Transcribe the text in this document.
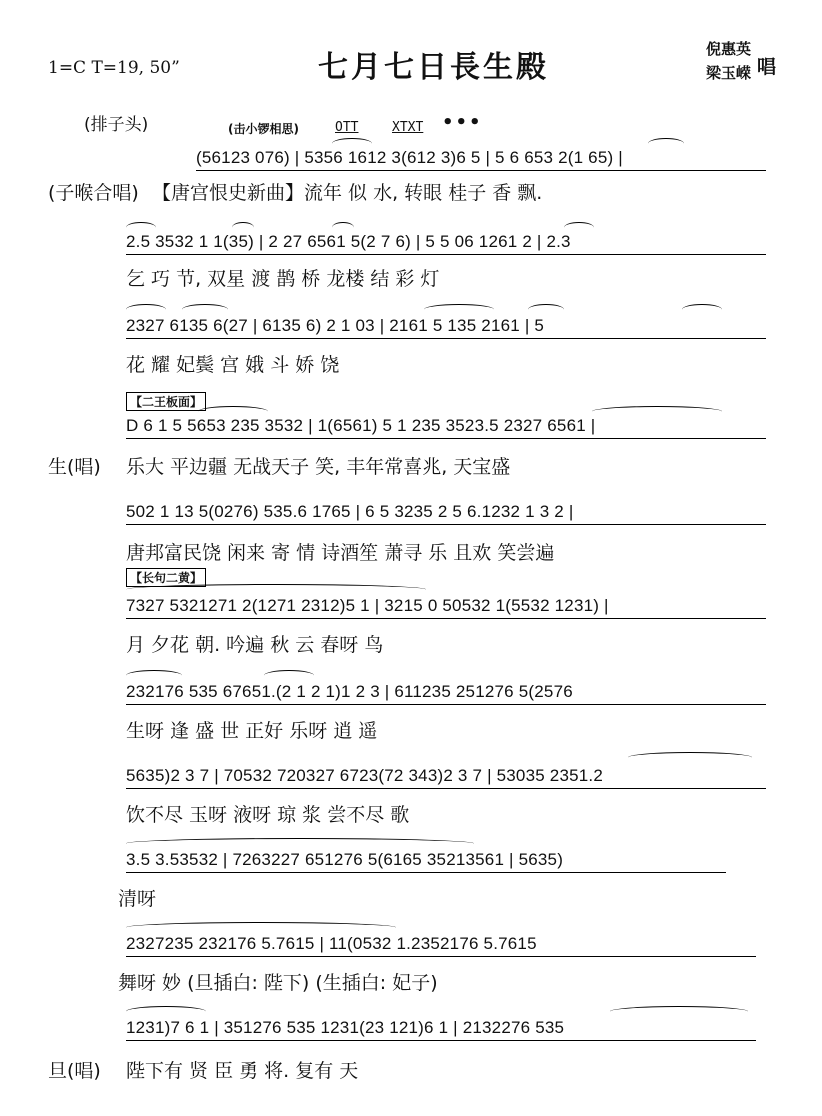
1=C T=19, 50”	七月七日長生殿
倪惠英
梁玉嵘 唱
(排子头)	(击小锣相思)	OTT	XTXT •••
【二王板面】
【长句二黄】
(56123 076) | 5356 1612 3(612 3)6 5 | 5 6 653 2(1 65) |
(子喉合唱) 【唐宫恨史新曲】流年 似 水, 转眼 桂子 香 飘.
2.5 3532 1 1(35) | 2 27 6561 5(2 7 6) | 5 5 06 1261 2 | 2.3
乞 巧 节, 双星 渡 鹊 桥 龙楼 结 彩 灯
2327 6135 6(27 | 6135 6) 2 1 03 | 2161 5 135 2161 | 5
花 耀 妃鬓 宫 娥 斗 娇 饶
D 6 1 5 5653 235 3532 | 1(6561) 5 1 235 3523.5 2327 6561 |
生(唱) 乐大 平边疆 无战天子 笑, 丰年常喜兆, 天宝盛
502 1 13 5(0276) 535.6 1765 | 6 5 3235 2 5 6.1232 1 3 2 |
唐邦富民饶 闲来 寄 情 诗酒笙 萧寻 乐 且欢 笑尝遍
7327 5321271 2(1271 2312)5 1 | 3215 0 50532 1(5532 1231) |
月 夕花 朝. 吟遍 秋 云 春呀 鸟
232176 535 67651.(2 1 2 1)1 2 3 | 611235 251276 5(2576
生呀 逢 盛 世 正好 乐呀 逍 遥
5635)2 3 7 | 70532 720327 6723(72 343)2 3 7 | 53035 2351.2
饮不尽 玉呀 液呀 琼 浆 尝不尽 歌
3.5 3.53532 | 7263227 651276 5(6165 35213561 | 5635)
清呀
2327235 232176 5.7615 | 11(0532 1.2352176 5.7615
舞呀 妙 (旦插白: 陛下) (生插白: 妃子)
1231)7 6 1 | 351276 535 1231(23 121)6 1 | 2132276 535
旦(唱) 陛下有 贤 臣 勇 将. 复有 天
